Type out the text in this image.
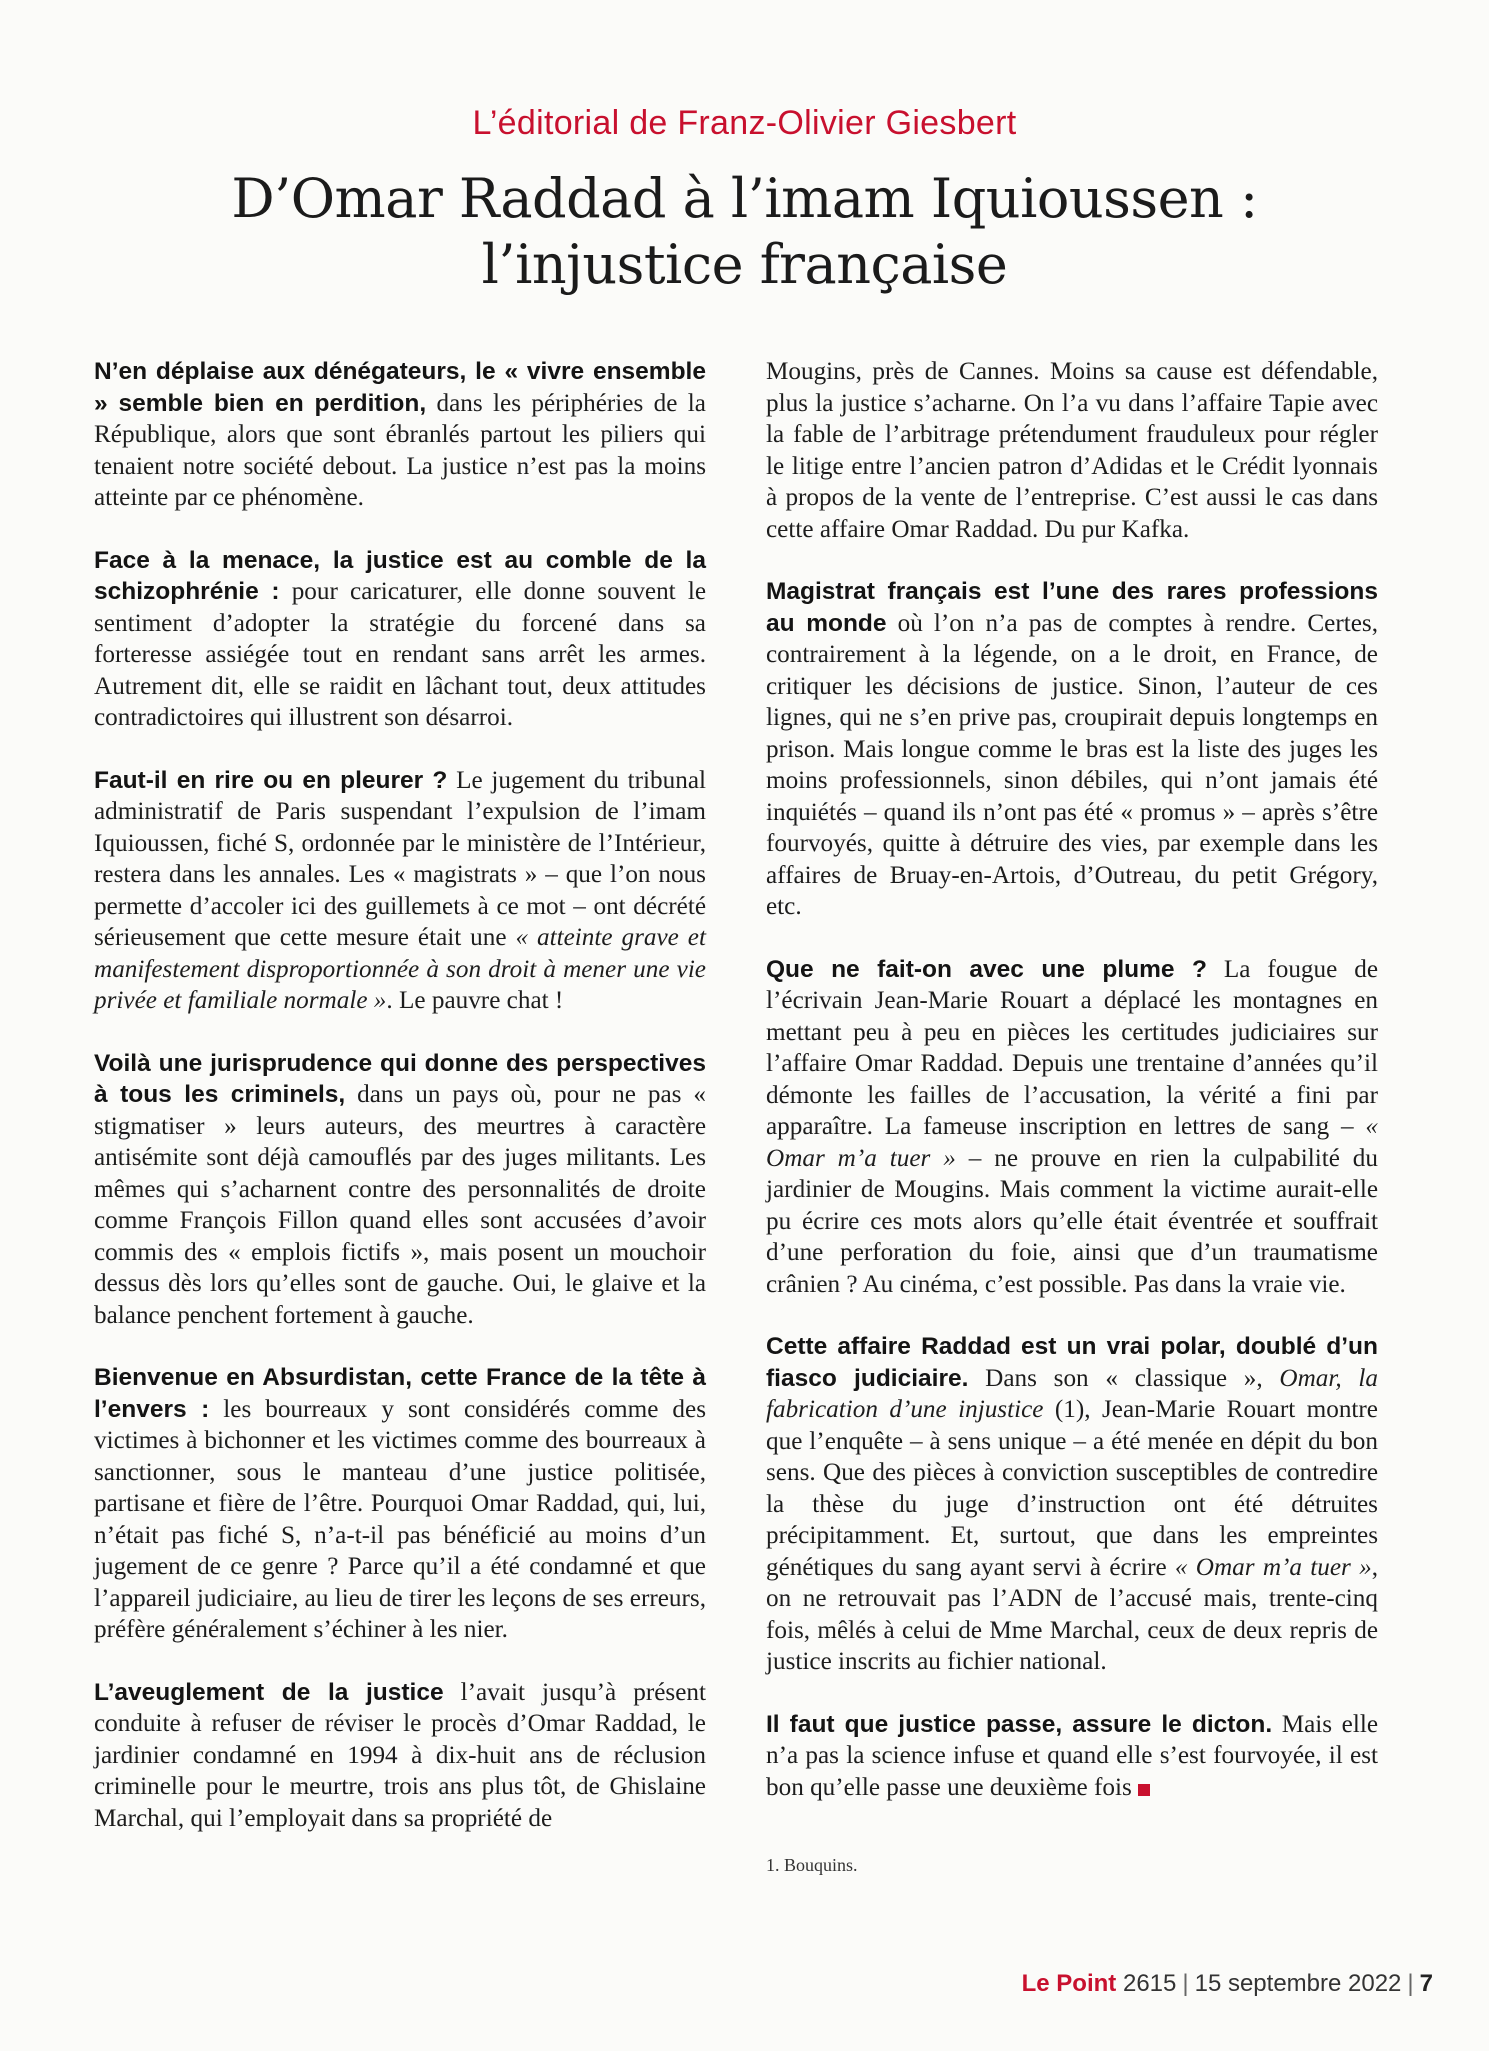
L’éditorial de Franz-Olivier Giesbert
D’Omar Raddad à l’imam Iquioussen :
l’injustice française

N’en déplaise aux dénégateurs, le « vivre ensemble » semble bien en perdition, dans les périphéries de la République, alors que sont ébranlés partout les piliers qui tenaient notre société debout. La justice n’est pas la moins atteinte par ce phénomène.

Face à la menace, la justice est au comble de la schizophrénie : pour caricaturer, elle donne souvent le sentiment d’adopter la stratégie du forcené dans sa forteresse assiégée tout en rendant sans arrêt les armes. Autrement dit, elle se raidit en lâchant tout, deux attitudes contradictoires qui illustrent son désarroi.

Faut-il en rire ou en pleurer ? Le jugement du tribunal administratif de Paris suspendant l’expulsion de l’imam Iquioussen, fiché S, ordonnée par le ministère de l’Intérieur, restera dans les annales. Les « magistrats » – que l’on nous permette d’accoler ici des guillemets à ce mot – ont décrété sérieusement que cette mesure était une « atteinte grave et manifestement disproportionnée à son droit à mener une vie privée et familiale normale ». Le pauvre chat !

Voilà une jurisprudence qui donne des perspectives à tous les criminels, dans un pays où, pour ne pas « stigmatiser » leurs auteurs, des meurtres à caractère antisémite sont déjà camouflés par des juges militants. Les mêmes qui s’acharnent contre des personnalités de droite comme François Fillon quand elles sont accusées d’avoir commis des « emplois fictifs », mais posent un mouchoir dessus dès lors qu’elles sont de gauche. Oui, le glaive et la balance penchent fortement à gauche.

Bienvenue en Absurdistan, cette France de la tête à l’envers : les bourreaux y sont considérés comme des victimes à bichonner et les victimes comme des bourreaux à sanctionner, sous le manteau d’une justice politisée, partisane et fière de l’être. Pourquoi Omar Raddad, qui, lui, n’était pas fiché S, n’a-t-il pas bénéficié au moins d’un jugement de ce genre ? Parce qu’il a été condamné et que l’appareil judiciaire, au lieu de tirer les leçons de ses erreurs, préfère généralement s’échiner à les nier.

L’aveuglement de la justice l’avait jusqu’à présent conduite à refuser de réviser le procès d’Omar Raddad, le jardinier condamné en 1994 à dix-huit ans de réclusion criminelle pour le meurtre, trois ans plus tôt, de Ghislaine Marchal, qui l’employait dans sa propriété de

Mougins, près de Cannes. Moins sa cause est défendable, plus la justice s’acharne. On l’a vu dans l’affaire Tapie avec la fable de l’arbitrage prétendument frauduleux pour régler le litige entre l’ancien patron d’Adidas et le Crédit lyonnais à propos de la vente de l’entreprise. C’est aussi le cas dans cette affaire Omar Raddad. Du pur Kafka.

Magistrat français est l’une des rares professions au monde où l’on n’a pas de comptes à rendre. Certes, contrairement à la légende, on a le droit, en France, de critiquer les décisions de justice. Sinon, l’auteur de ces lignes, qui ne s’en prive pas, croupirait depuis longtemps en prison. Mais longue comme le bras est la liste des juges les moins professionnels, sinon débiles, qui n’ont jamais été inquiétés – quand ils n’ont pas été « promus » – après s’être fourvoyés, quitte à détruire des vies, par exemple dans les affaires de Bruay-en-Artois, d’Outreau, du petit Grégory, etc.

Que ne fait-on avec une plume ? La fougue de l’écrivain Jean-Marie Rouart a déplacé les montagnes en mettant peu à peu en pièces les certitudes judiciaires sur l’affaire Omar Raddad. Depuis une trentaine d’années qu’il démonte les failles de l’accusation, la vérité a fini par apparaître. La fameuse inscription en lettres de sang – « Omar m’a tuer » – ne prouve en rien la culpabilité du jardinier de Mougins. Mais comment la victime aurait-elle pu écrire ces mots alors qu’elle était éventrée et souffrait d’une perforation du foie, ainsi que d’un traumatisme crânien ? Au cinéma, c’est possible. Pas dans la vraie vie.

Cette affaire Raddad est un vrai polar, doublé d’un fiasco judiciaire. Dans son « classique », Omar, la fabrication d’une injustice (1), Jean-Marie Rouart montre que l’enquête – à sens unique – a été menée en dépit du bon sens. Que des pièces à conviction susceptibles de contredire la thèse du juge d’instruction ont été détruites précipitamment. Et, surtout, que dans les empreintes génétiques du sang ayant servi à écrire « Omar m’a tuer », on ne retrouvait pas l’ADN de l’accusé mais, trente-cinq fois, mêlés à celui de Mme Marchal, ceux de deux repris de justice inscrits au fichier national.

Il faut que justice passe, assure le dicton. Mais elle n’a pas la science infuse et quand elle s’est fourvoyée, il est bon qu’elle passe une deuxième fois

1. Bouquins.
Le Point 2615 | 15 septembre 2022 | 7
